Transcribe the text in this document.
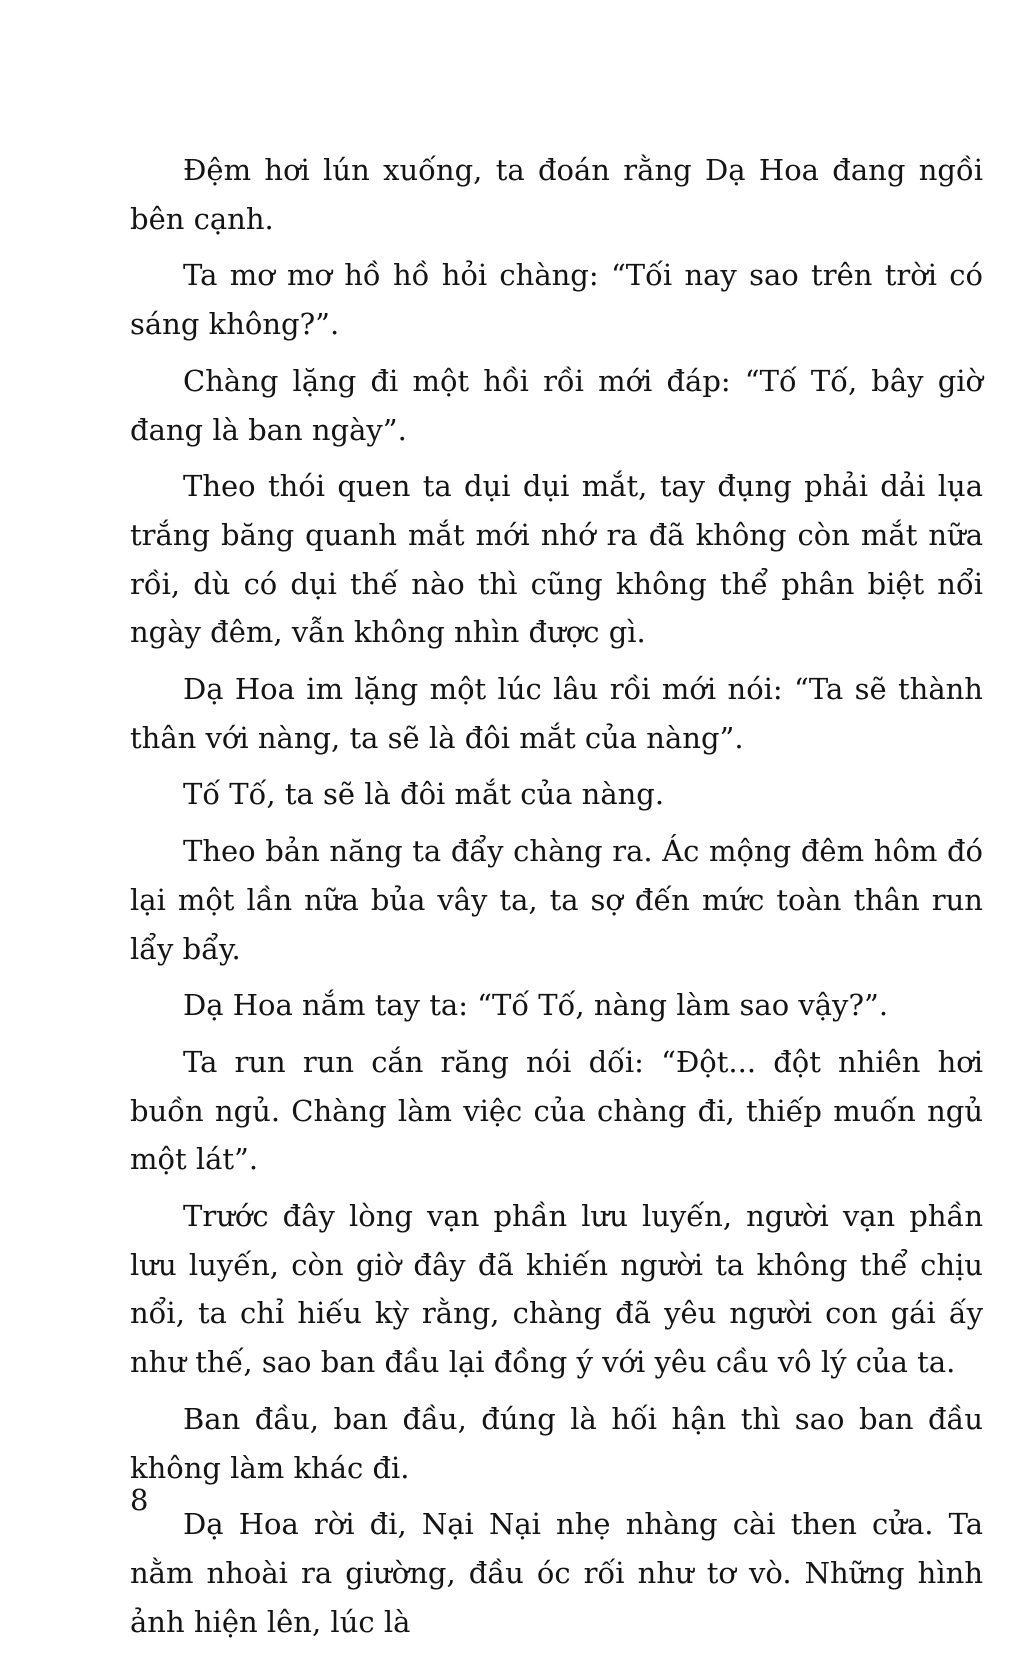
Đệm hơi lún xuống, ta đoán rằng Dạ Hoa đang ngồi bên cạnh.

Ta mơ mơ hồ hồ hỏi chàng: “Tối nay sao trên trời có sáng không?”.

Chàng lặng đi một hồi rồi mới đáp: “Tố Tố, bây giờ đang là ban ngày”.

Theo thói quen ta dụi dụi mắt, tay đụng phải dải lụa trắng băng quanh mắt mới nhớ ra đã không còn mắt nữa rồi, dù có dụi thế nào thì cũng không thể phân biệt nổi ngày đêm, vẫn không nhìn được gì.

Dạ Hoa im lặng một lúc lâu rồi mới nói: “Ta sẽ thành thân với nàng, ta sẽ là đôi mắt của nàng”.

Tố Tố, ta sẽ là đôi mắt của nàng.

Theo bản năng ta đẩy chàng ra. Ác mộng đêm hôm đó lại một lần nữa bủa vây ta, ta sợ đến mức toàn thân run lẩy bẩy.

Dạ Hoa nắm tay ta: “Tố Tố, nàng làm sao vậy?”.

Ta run run cắn răng nói dối: “Đột... đột nhiên hơi buồn ngủ. Chàng làm việc của chàng đi, thiếp muốn ngủ một lát”.

Trước đây lòng vạn phần lưu luyến, người vạn phần lưu luyến, còn giờ đây đã khiến người ta không thể chịu nổi, ta chỉ hiếu kỳ rằng, chàng đã yêu người con gái ấy như thế, sao ban đầu lại đồng ý với yêu cầu vô lý của ta.

Ban đầu, ban đầu, đúng là hối hận thì sao ban đầu không làm khác đi.

Dạ Hoa rời đi, Nại Nại nhẹ nhàng cài then cửa. Ta nằm nhoài ra giường, đầu óc rối như tơ vò. Những hình ảnh hiện lên, lúc là

8
